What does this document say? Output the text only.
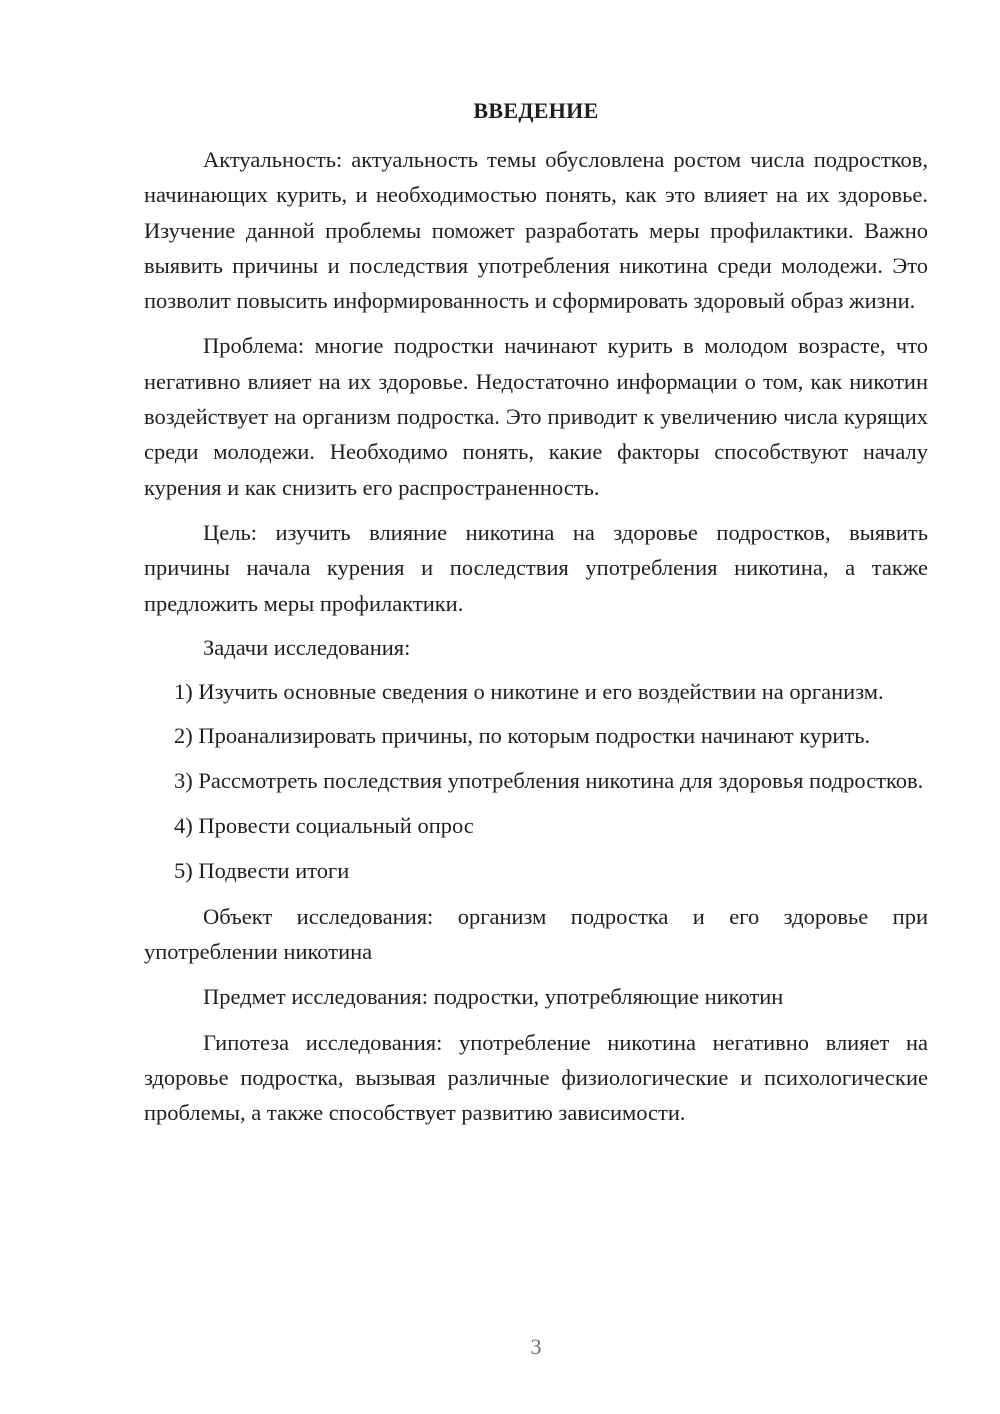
ВВЕДЕНИЕ

Актуальность: актуальность темы обусловлена ростом числа подростков, начинающих курить, и необходимостью понять, как это влияет на их здоровье. Изучение данной проблемы поможет разработать меры профилактики. Важно выявить причины и последствия употребления никотина среди молодежи. Это позволит повысить информированность и сформировать здоровый образ жизни.

Проблема: многие подростки начинают курить в молодом возрасте, что негативно влияет на их здоровье. Недостаточно информации о том, как никотин воздействует на организм подростка. Это приводит к увеличению числа курящих среди молодежи. Необходимо понять, какие факторы способствуют началу курения и как снизить его распространенность.

Цель: изучить влияние никотина на здоровье подростков, выявить причины начала курения и последствия употребления никотина, а также предложить меры профилактики.

Задачи исследования:

1) Изучить основные сведения о никотине и его воздействии на организм.

2) Проанализировать причины, по которым подростки начинают курить.

3) Рассмотреть последствия употребления никотина для здоровья подростков.

4) Провести социальный опрос

5) Подвести итоги

Объект исследования: организм подростка и его здоровье при употреблении никотина

Предмет исследования: подростки, употребляющие никотин

Гипотеза исследования: употребление никотина негативно влияет на здоровье подростка, вызывая различные физиологические и психологические проблемы, а также способствует развитию зависимости.

3
